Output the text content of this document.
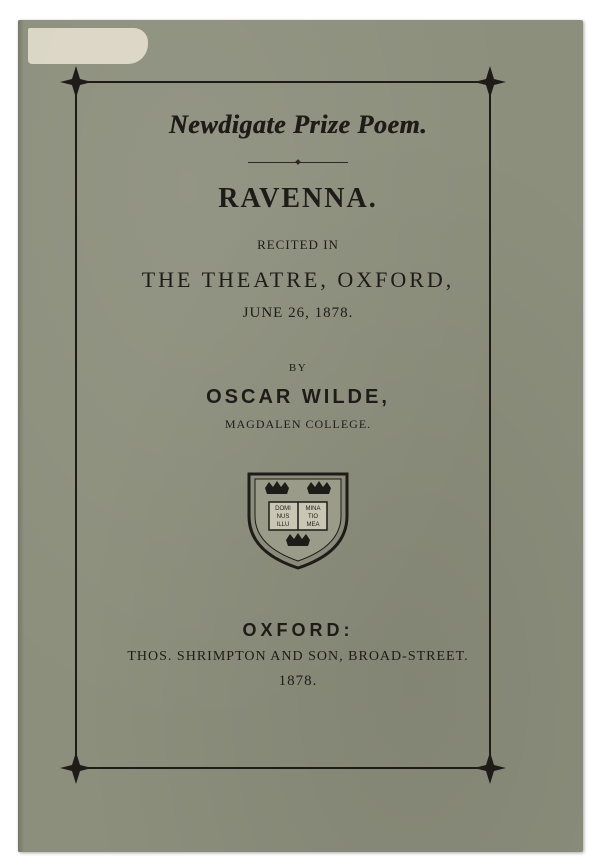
Newdigate Prize Poem.

RAVENNA.
RECITED IN
THE THEATRE, OXFORD,
JUNE 26, 1878.
BY
OSCAR WILDE,
MAGDALEN COLLEGE.
DOMI
NUS
ILLU
MINA
TIO
MEA
OXFORD:
THOS. SHRIMPTON AND SON, BROAD-STREET.
1878.
